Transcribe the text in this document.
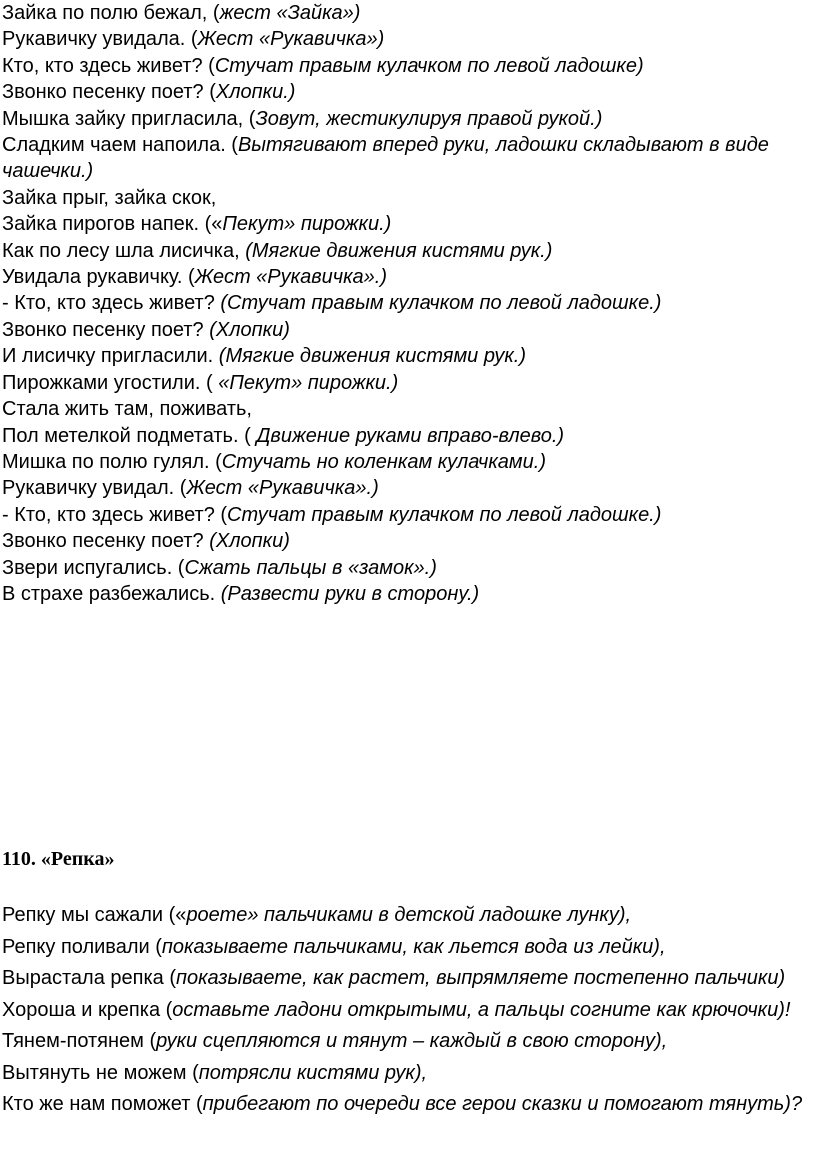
Зайка по полю бежал, (жест «Зайка»)
Рукавичку увидала. (Жест «Рукавичка»)
Кто, кто здесь живет? (Стучат правым кулачком по левой ладошке)
Звонко песенку поет? (Хлопки.)
Мышка зайку пригласила, (Зовут, жестикулируя правой рукой.)
Сладким чаем напоила. (Вытягивают вперед руки, ладошки складывают в виде чашечки.)
Зайка прыг, зайка скок,
Зайка пирогов напек. («Пекут» пирожки.)
Как по лесу шла лисичка, (Мягкие движения кистями рук.)
Увидала рукавичку. (Жест «Рукавичка».)
- Кто, кто здесь живет? (Стучат правым кулачком по левой ладошке.)
Звонко песенку поет? (Хлопки)
И лисичку пригласили. (Мягкие движения кистями рук.)
Пирожками угостили. ( «Пекут» пирожки.)
Стала жить там, поживать,
Пол метелкой подметать. ( Движение руками вправо-влево.)
Мишка по полю гулял. (Стучать но коленкам кулачками.)
Рукавичку увидал. (Жест «Рукавичка».)
- Кто, кто здесь живет? (Стучат правым кулачком по левой ладошке.)
Звонко песенку поет? (Хлопки)
Звери испугались. (Сжать пальцы в «замок».)
В страхе разбежались. (Развести руки в сторону.)
110. «Репка»
Репку мы сажали («роете» пальчиками в детской ладошке лунку),
Репку поливали (показываете пальчиками, как льется вода из лейки),
Вырастала репка (показываете, как растет, выпрямляете постепенно пальчики)
Хороша и крепка (оставьте ладони открытыми, а пальцы согните как крючочки)!
Тянем-потянем (руки сцепляются и тянут – каждый в свою сторону),
Вытянуть не можем (потрясли кистями рук),
Кто же нам поможет (прибегают по очереди все герои сказки и помогают тянуть)?
